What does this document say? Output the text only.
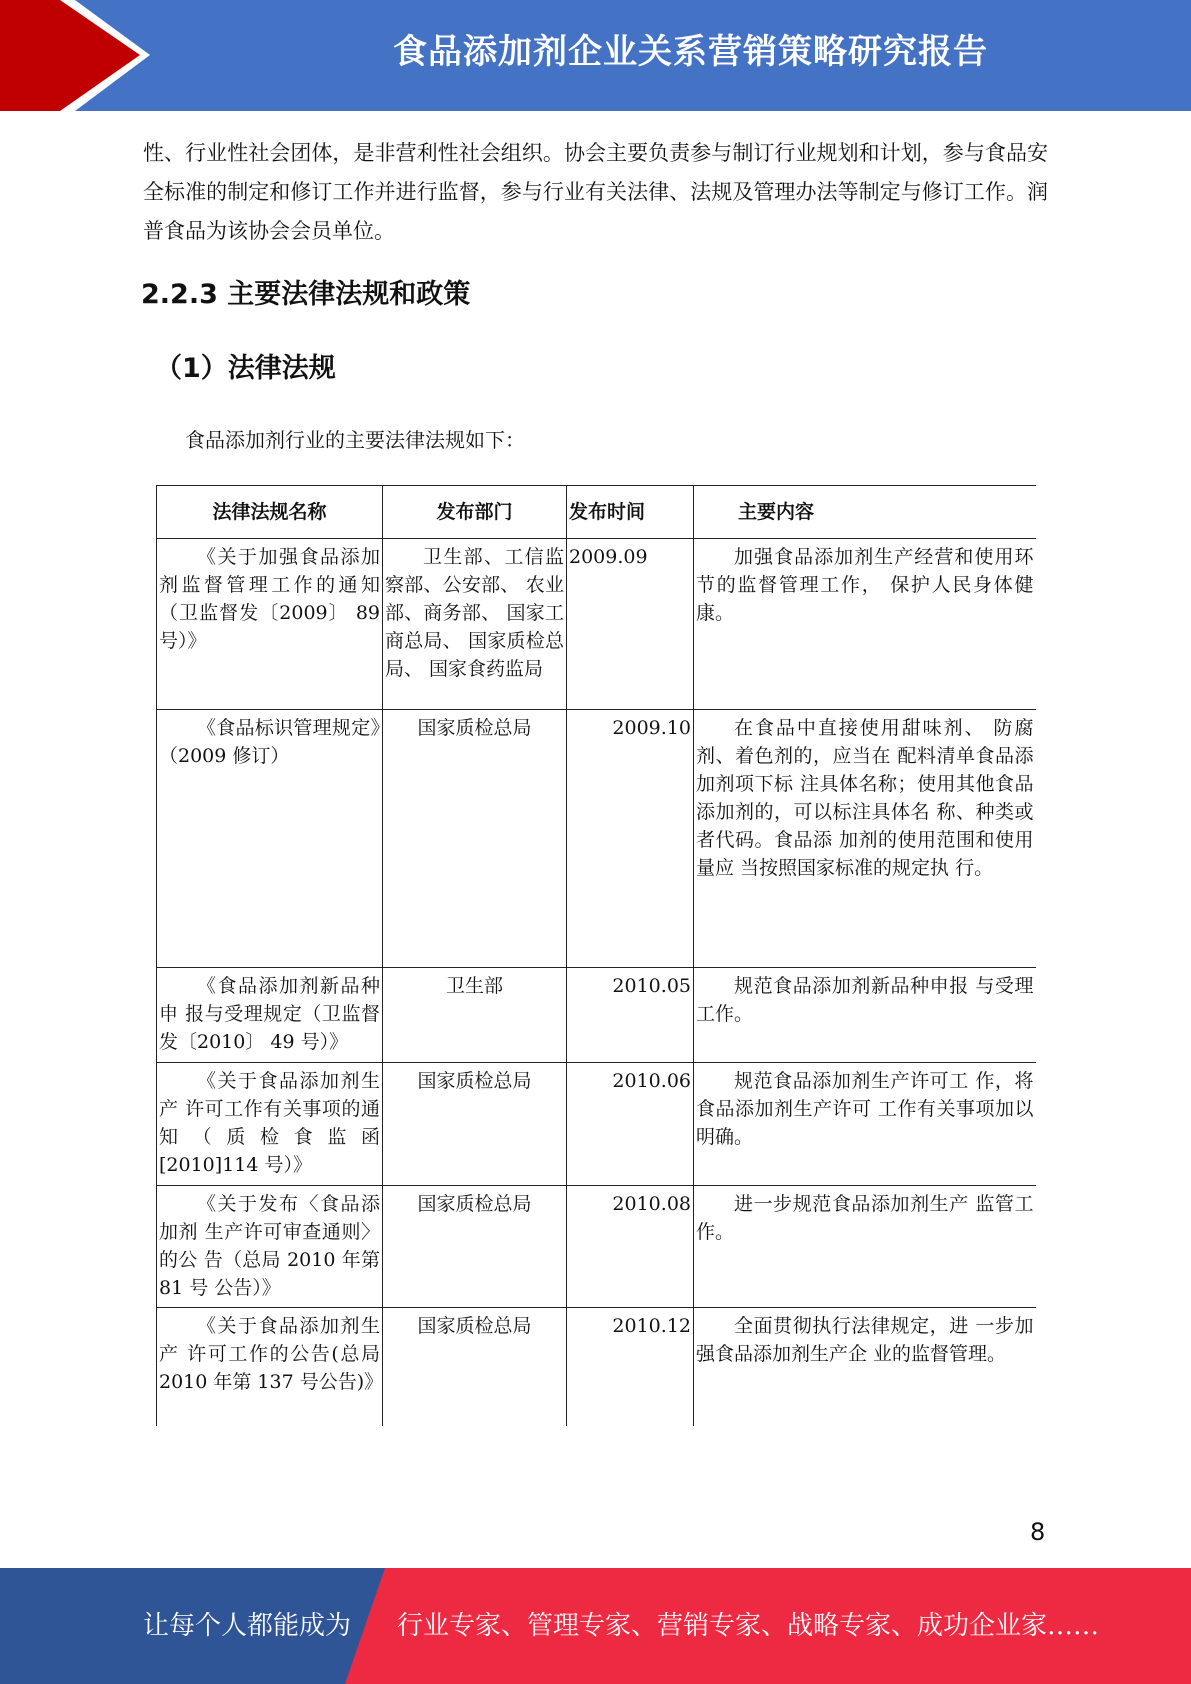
食品添加剂企业关系营销策略研究报告
性、行业性社会团体，是非营利性社会组织。协会主要负责参与制订行业规划和计划，参与食品安全标准的制定和修订工作并进行监督，参与行业有关法律、法规及管理办法等制定与修订工作。润普食品为该协会会员单位。
2.2.3 主要法律法规和政策
（1）法律法规
食品添加剂行业的主要法律法规如下：
法律法规名称	发布部门	发布时间	主要内容
《关于加强食品添加剂监督管理工作的通知（卫监督发〔2009〕 89 号）》	卫生部、工信监察部、公安部、 农业部、商务部、 国家工商总局、 国家质检总局、 国家食药监局	2009.09	加强食品添加剂生产经营和使用环节的监督管理工作， 保护人民身体健康。
《食品标识管理规定》（2009 修订）	国家质检总局	2009.10	在食品中直接使用甜味剂、 防腐剂、着色剂的，应当在 配料清单食品添加剂项下标 注具体名称；使用其他食品 添加剂的，可以标注具体名 称、种类或者代码。食品添 加剂的使用范围和使用量应 当按照国家标准的规定执 行。
《食品添加剂新品种申 报与受理规定（卫监督发〔2010〕 49 号）》	卫生部	2010.05	规范食品添加剂新品种申报 与受理工作。
《关于食品添加剂生产 许可工作有关事项的通 知（质检食监函[2010]114 号）》	国家质检总局	2010.06	规范食品添加剂生产许可工 作，将食品添加剂生产许可 工作有关事项加以明确。
《关于发布〈食品添加剂 生产许可审查通则〉的公 告（总局 2010 年第 81 号 公告）》	国家质检总局	2010.08	进一步规范食品添加剂生产 监管工作。
《关于食品添加剂生产 许可工作的公告(总局 2010 年第 137 号公告)》	国家质检总局	2010.12	全面贯彻执行法律规定，进 一步加强食品添加剂生产企 业的监督管理。
8
让每个人都能成为 行业专家、管理专家、营销专家、战略专家、成功企业家……
